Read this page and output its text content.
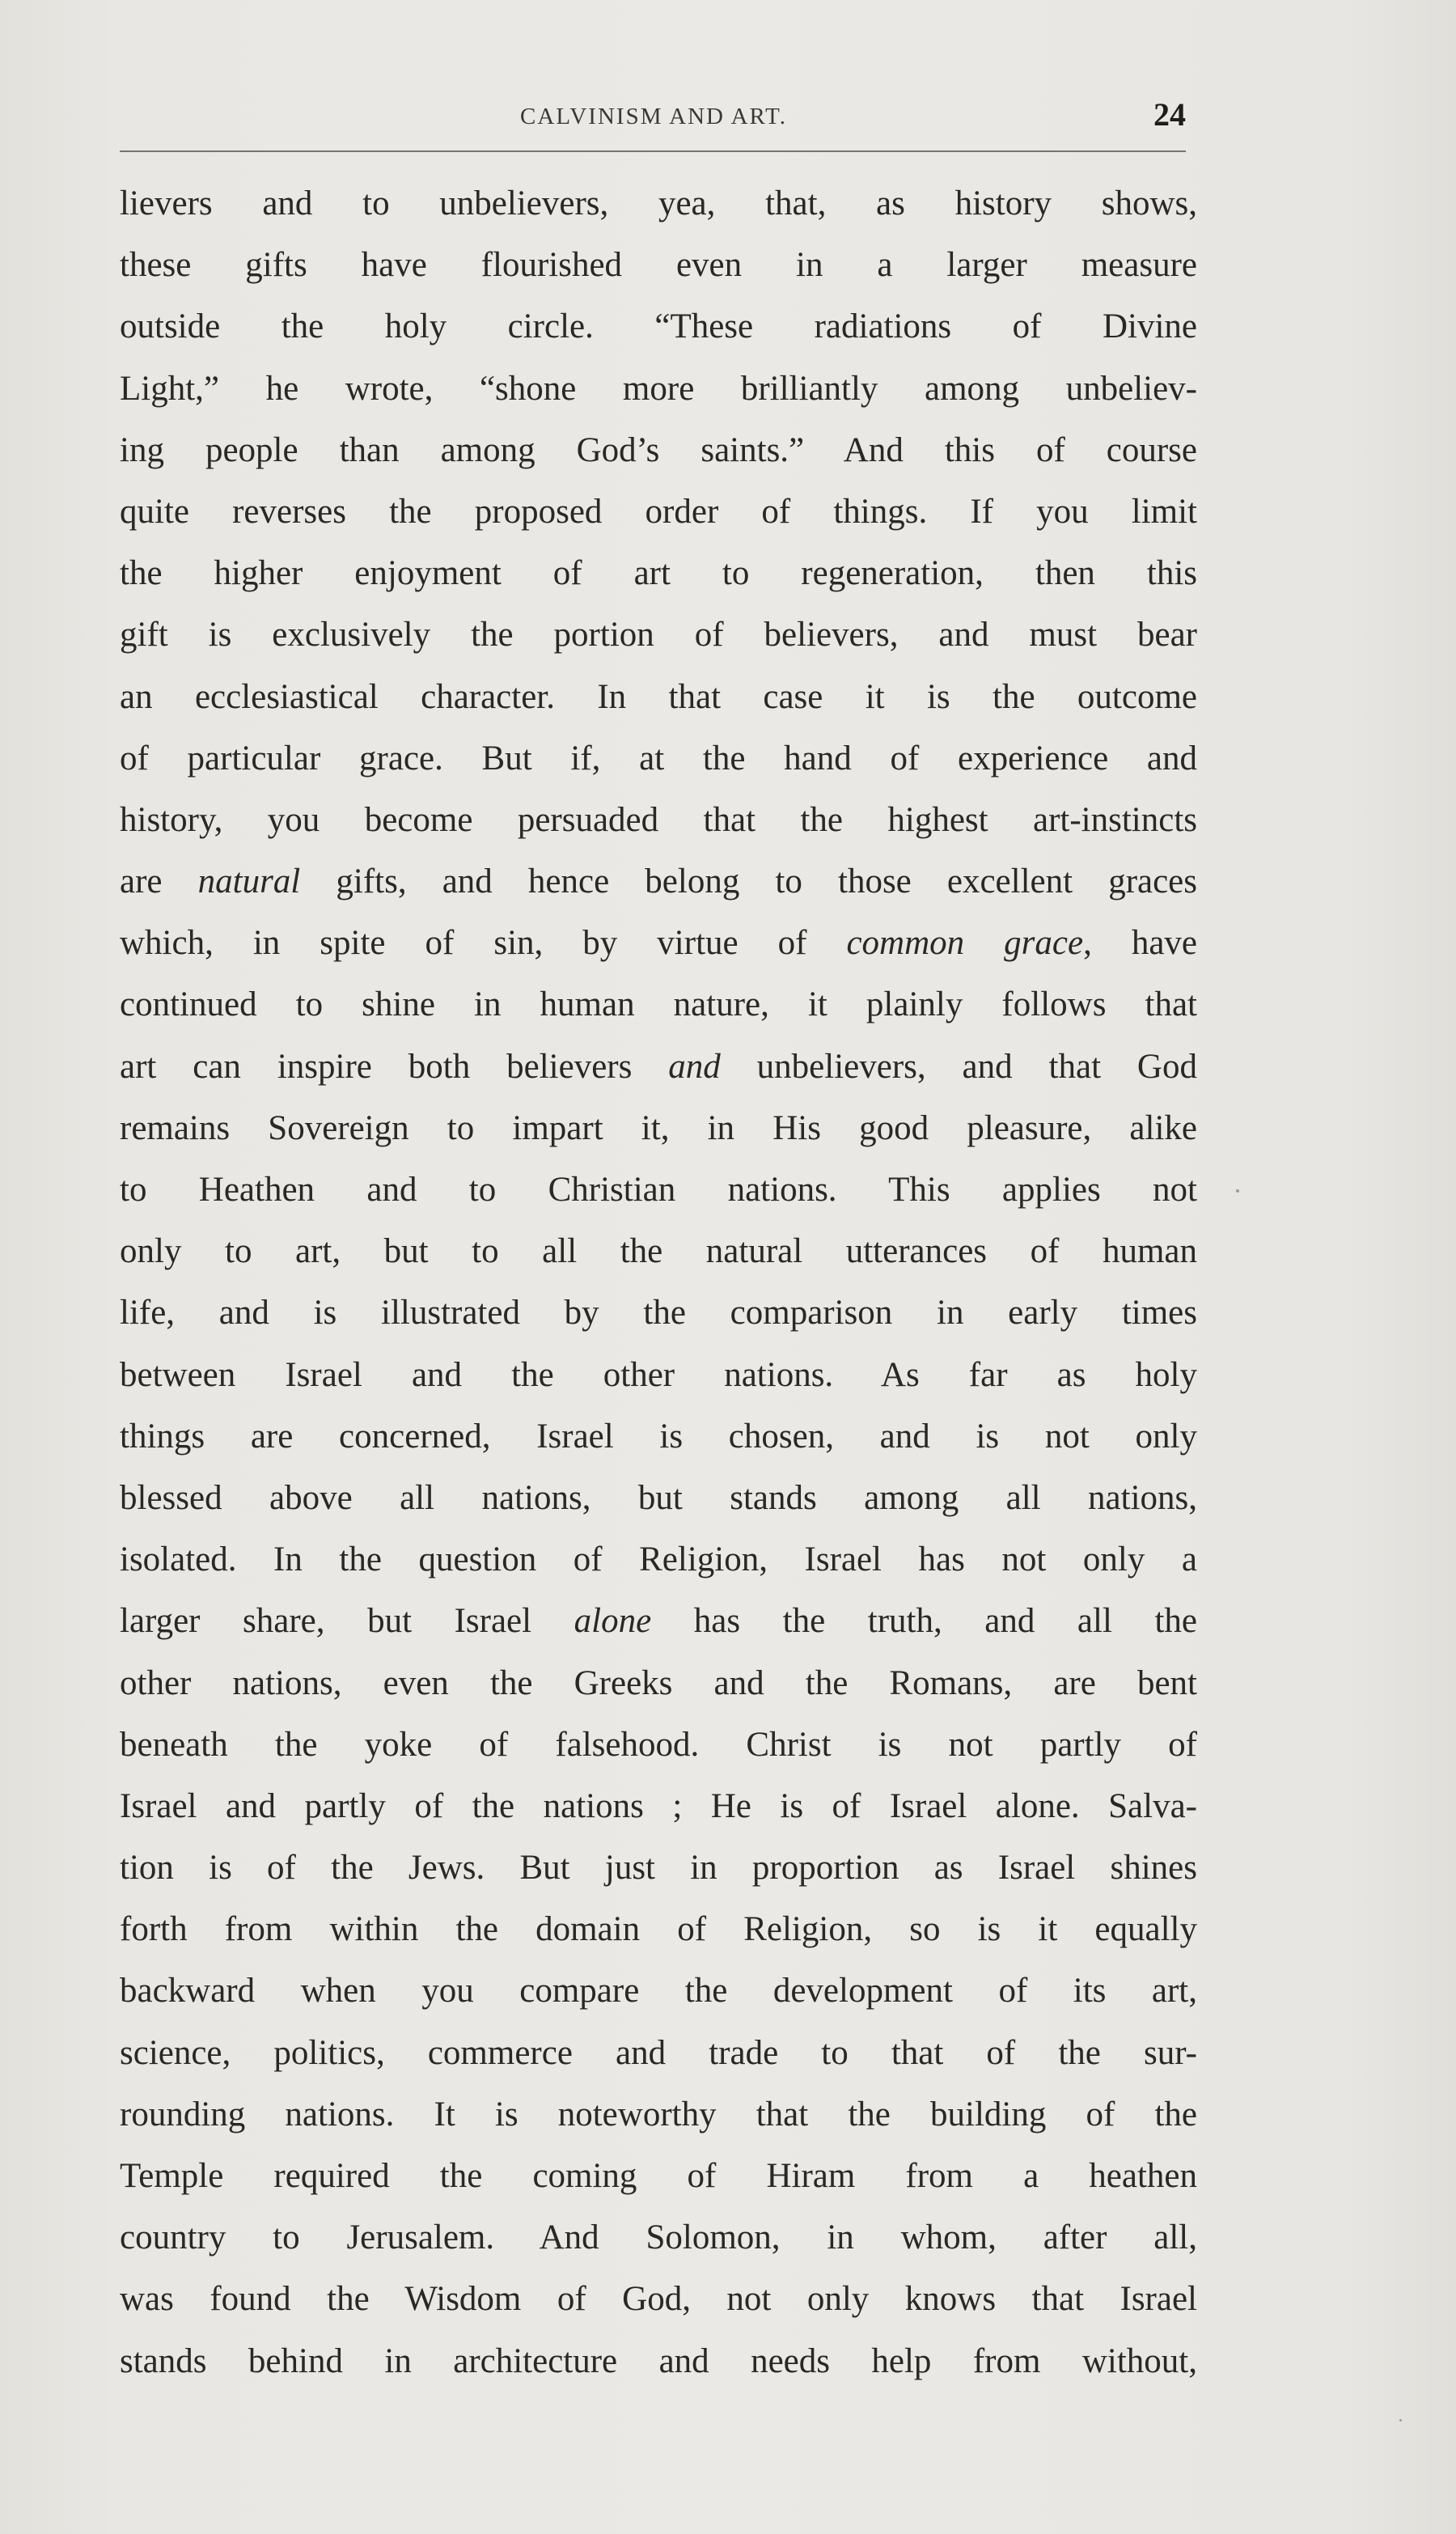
CALVINISM AND ART.	24
lievers and to unbelievers, yea, that, as history shows,
these gifts have flourished even in a larger measure
outside the holy circle. “These radiations of Divine
Light,” he wrote, “shone more brilliantly among unbeliev-
ing people than among God’s saints.” And this of course
quite reverses the proposed order of things. If you limit
the higher enjoyment of art to regeneration, then this
gift is exclusively the portion of believers, and must bear
an ecclesiastical character. In that case it is the outcome
of particular grace. But if, at the hand of experience and
history, you become persuaded that the highest art-instincts
are natural gifts, and hence belong to those excellent graces
which, in spite of sin, by virtue of common grace, have
continued to shine in human nature, it plainly follows that
art can inspire both believers and unbelievers, and that God
remains Sovereign to impart it, in His good pleasure, alike
to Heathen and to Christian nations. This applies not
only to art, but to all the natural utterances of human
life, and is illustrated by the comparison in early times
between Israel and the other nations. As far as holy
things are concerned, Israel is chosen, and is not only
blessed above all nations, but stands among all nations,
isolated. In the question of Religion, Israel has not only a
larger share, but Israel alone has the truth, and all the
other nations, even the Greeks and the Romans, are bent
beneath the yoke of falsehood. Christ is not partly of
Israel and partly of the nations ; He is of Israel alone. Salva-
tion is of the Jews. But just in proportion as Israel shines
forth from within the domain of Religion, so is it equally
backward when you compare the development of its art,
science, politics, commerce and trade to that of the sur-
rounding nations. It is noteworthy that the building of the
Temple required the coming of Hiram from a heathen
country to Jerusalem. And Solomon, in whom, after all,
was found the Wisdom of God, not only knows that Israel
stands behind in architecture and needs help from without,
